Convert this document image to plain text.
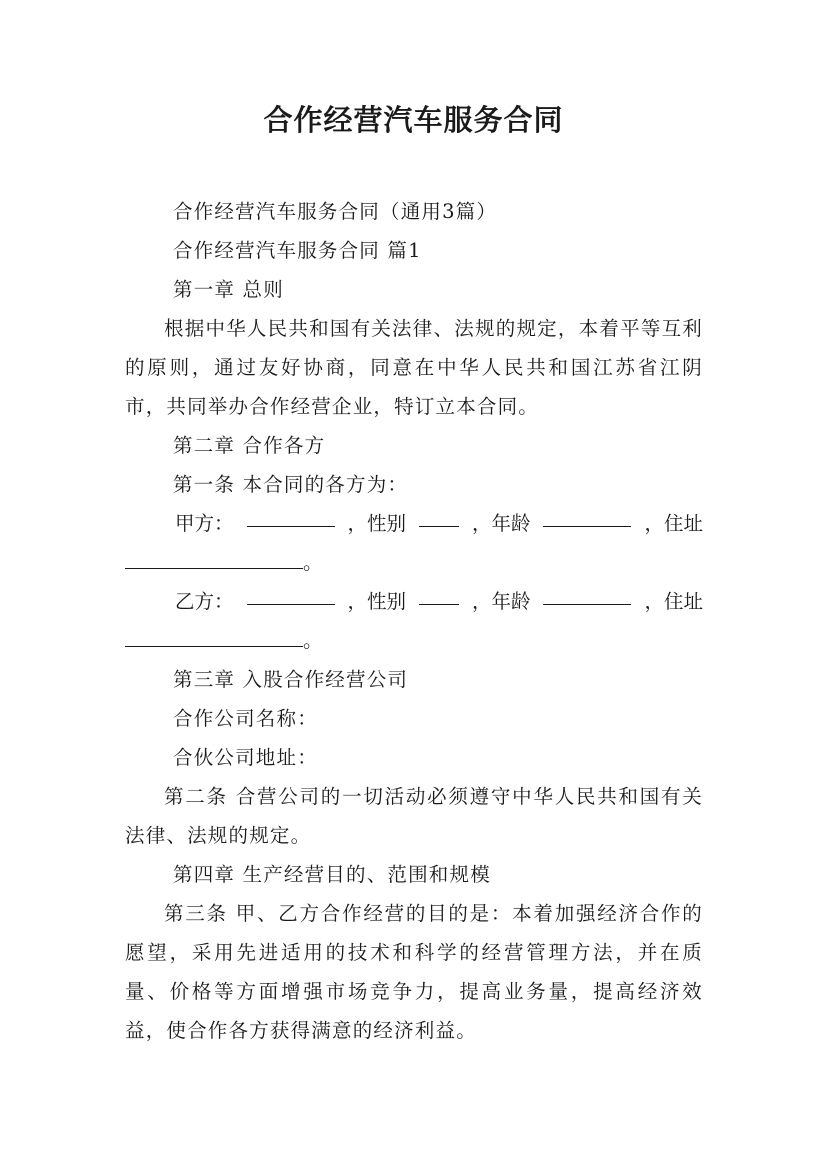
合作经营汽车服务合同

合作经营汽车服务合同（通用3篇）

合作经营汽车服务合同 篇1

第一章 总则

根据中华人民共和国有关法律、法规的规定，本着平等互利的原则，通过友好协商，同意在中华人民共和国江苏省江阴市，共同举办合作经营企业，特订立本合同。

第二章 合作各方

第一条 本合同的各方为：

甲方：	，性别	，年龄	，住址

。

乙方：	，性别	，年龄	，住址

。

第三章 入股合作经营公司

合作公司名称：

合伙公司地址：

第二条 合营公司的一切活动必须遵守中华人民共和国有关法律、法规的规定。

第四章 生产经营目的、范围和规模

第三条 甲、乙方合作经营的目的是：本着加强经济合作的愿望，采用先进适用的技术和科学的经营管理方法，并在质量、价格等方面增强市场竞争力，提高业务量，提高经济效益，使合作各方获得满意的经济利益。
